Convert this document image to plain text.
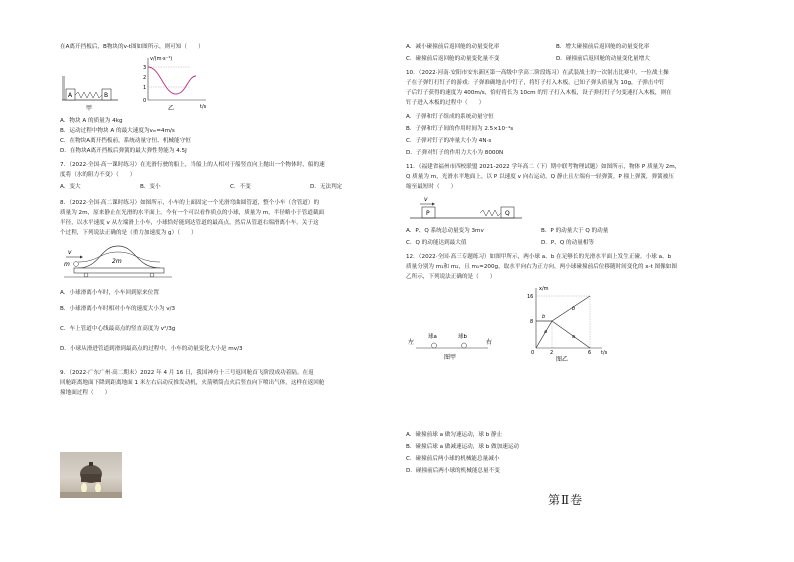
在A离开挡板后，B物块的v-t图如图所示，则可知（　　）
A	B
甲
v/(m·s⁻¹)
t/s
3
2
1
0
乙
A．物块 A 的质量为 4kg
B．运动过程中物块 A 的最大速度为vₘ=4m/s
C．在物块A离开挡板前，系统动量守恒、机械能守恒
D．在物块A离开挡板后弹簧的最大弹性势能为 4.5J
7．（2022·全国·高一课时练习）在光滑行驶的船上，当船上的人相对于船竖直向上抛出一个物体时，船的速
度将（水的阻力不变）（　　）
A．变大	B．变小	C．不变	D．无法判定
8．（2022·全国·高二课时练习）如图所示，小车的上面固定一个光滑弯曲圆管道，整个小车（含管道）的
质量为 2m，原来静止在光滑的水平面上。今有一个可以看作质点的小球，质量为 m，半径略小于管道截面
半径，以水平速度 v 从左端滑上小车，小球恰好能到达管道的最高点，然后从管道右端滑离小车。关于这
个过程，下列说法正确的是（重力加速度为 g）（　　）
v
m	2m
A．小球滑离小车时，小车回到原来位置
B．小球滑离小车时相对小车的速度大小为 v/3
C．车上管道中心线最高点的竖直高度为 v²/3g
D．小球从滑进管道到滑到最高点的过程中，小车的动量变化大小是 mv/3
9．（2022·广东广州·高二期末）2022 年 4 月 16 日，我国神舟十三号返回舱首飞阶段成功着陆。在返
回舱距离地面下降到距离地面 1 米左右启动反推发动机，火箭喷筒点火后竖直向下喷出气体，这样在返回舱
撞地面过程（　　）
A．减小碰撞前后返回舱的动量变化率	B．增大碰撞前后返回舱的动量变化率
C．碰撞前后返回舱的动量变化量不变	D．碰撞前后返回舱的动量变化量增大
10．（2022·河南·安阳市安东新区第一高级中学高二阶段练习）在武装战士的一次射击比赛中，一位战士操
子在子弹钉打钉子的游戏：子弹准确地击中钉子，将钉子打入木板。已知子弹头质量为 10g，子弹击中钉
子后钉子获得的速度为 400m/s，恰好将长为 10cm 的钉子打入木板，设子弹打钉子匀变速打入木板，则在
钉子进入木板的过程中（　　）
A．子弹和钉子组成的系统动量守恒
B．子弹和钉子间的作用时间为 2.5×10⁻⁴s
C．子弹对钉子的冲量大小为 4N·s
D．子弹对钉子的作用力大小为 8000N
11．（福建省福州市四校联盟 2021-2022 学年高二（下）期中联考物理试题）如图所示，物体 P 质量为 2m，
Q 质量为 m，光滑水平地面上，以 P 以速度 v 向右运动，Q 静止且左端有一轻弹簧。P 撞上弹簧，弹簧被压
缩至最短时（　　）
v
P	Q
A．P、Q 系统总动量变为 3mv	B．P 的动量大于 Q 的动量
C．Q 的动能达到最大值	D．P、Q 的动量相等
12．（2022·全国·高三专题练习）如图甲所示，两小球 a、b 在足够长的光滑水平面上发生正碰。小球 a、b
质量分别为 m₁和 m₂，且 m₁=200g，取水平向右为正方向，两小球碰撞前后位移随时间变化的 x-t 图像如图
乙所示，下列说法正确的是（　　）
左	右
球a	球b
图甲
x/m
t/s
16
8
0	2	6
a
b
b
a
图乙
A．碰撞前球 a 做匀速运动，球 b 静止
B．碰撞后球 a 做减速运动，球 b 做加速运动
C．碰撞前后两小球的机械能总量减小
D．碰撞前后两小球的机械能总量不变
第Ⅱ卷
